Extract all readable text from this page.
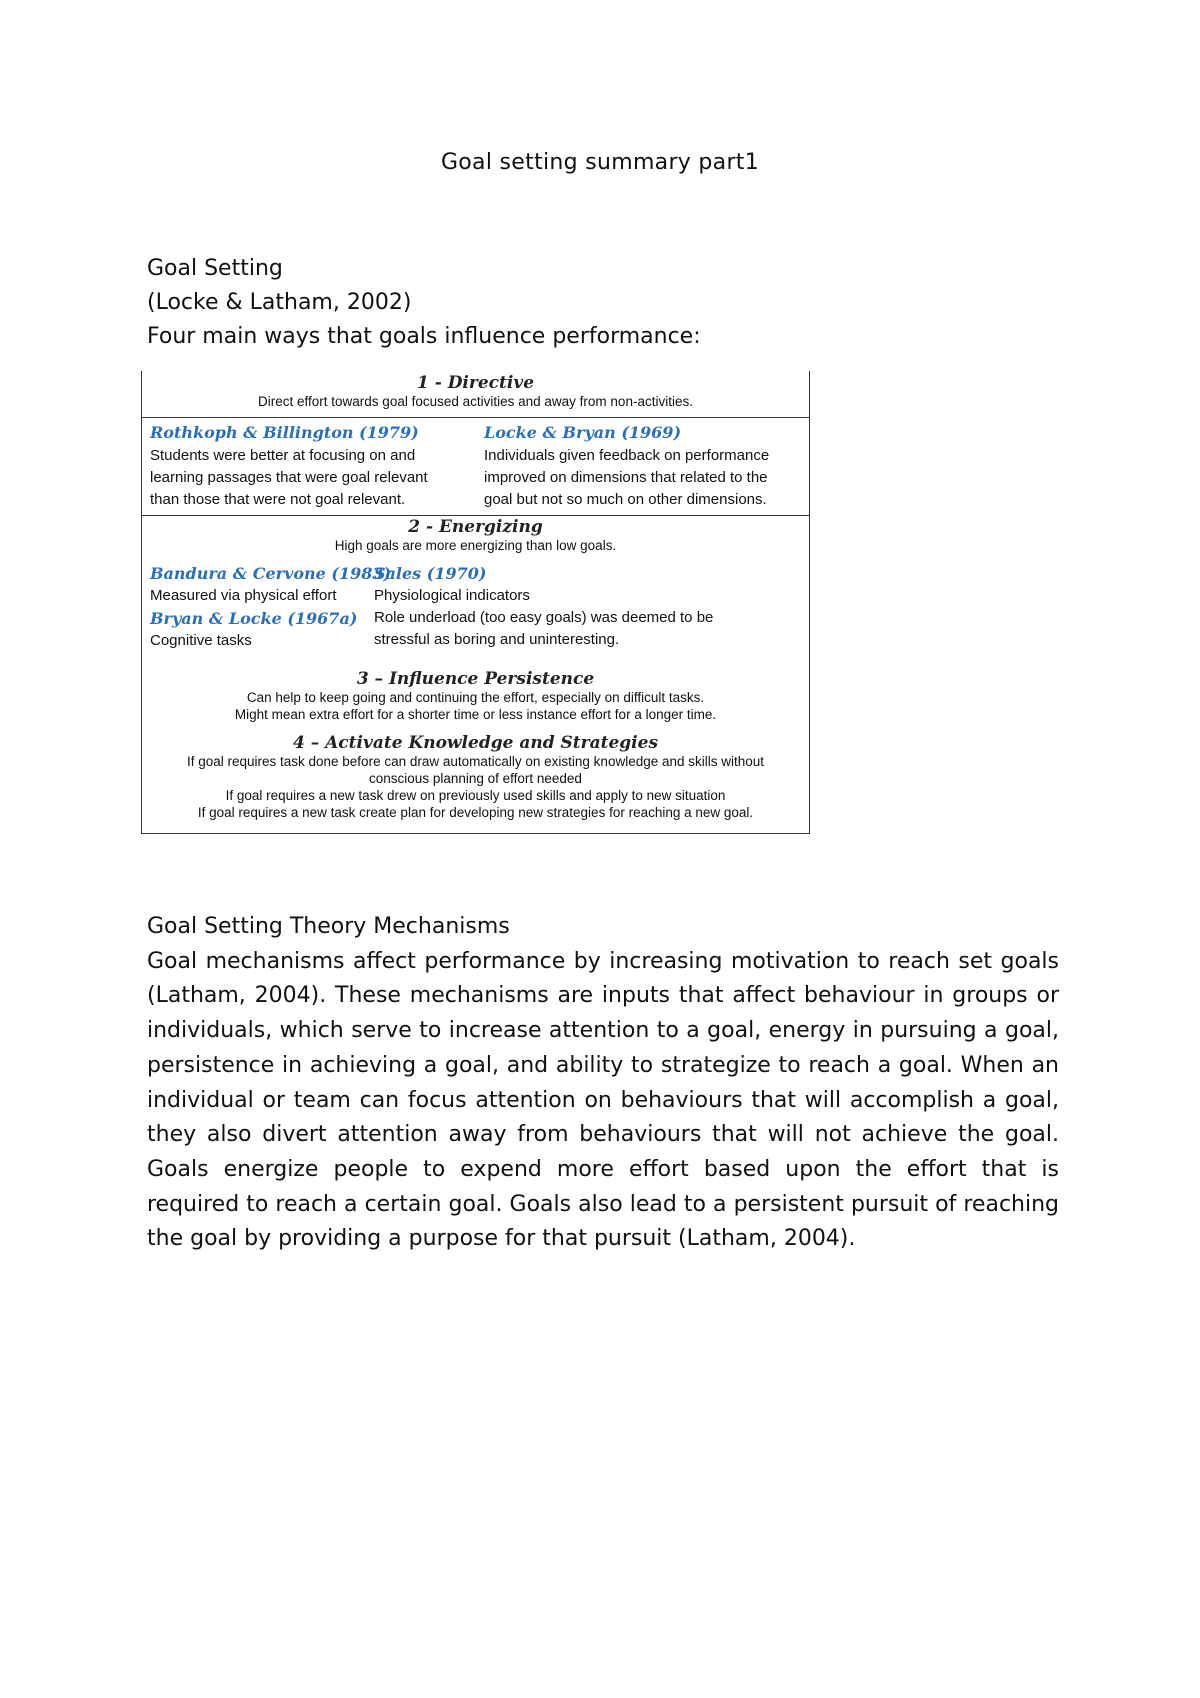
Goal setting summary part1
Goal Setting
(Locke & Latham, 2002)
Four main ways that goals influence performance:
1 - Directive
Direct effort towards goal focused activities and away from non-activities.
Rothkoph & Billington (1979)
Students were better at focusing on and
learning passages that were goal relevant
than those that were not goal relevant.
Locke & Bryan (1969)
Individuals given feedback on performance
improved on dimensions that related to the
goal but not so much on other dimensions.
2 - Energizing
High goals are more energizing than low goals.
Bandura & Cervone (1983)
Measured via physical effort
Bryan & Locke (1967a)
Cognitive tasks
Sales (1970)
Physiological indicators
Role underload (too easy goals) was deemed to be
stressful as boring and uninteresting.
3 – Influence Persistence
Can help to keep going and continuing the effort, especially on difficult tasks.
Might mean extra effort for a shorter time or less instance effort for a longer time.
4 – Activate Knowledge and Strategies
If goal requires task done before can draw automatically on existing knowledge and skills without
conscious planning of effort needed
If goal requires a new task drew on previously used skills and apply to new situation
If goal requires a new task create plan for developing new strategies for reaching a new goal.
Goal Setting Theory Mechanisms
Goal mechanisms affect performance by increasing motivation to reach set goals (Latham, 2004). These mechanisms are inputs that affect behaviour in groups or individuals, which serve to increase attention to a goal, energy in pursuing a goal, persistence in achieving a goal, and ability to strategize to reach a goal. When an individual or team can focus attention on behaviours that will accomplish a goal, they also divert attention away from behaviours that will not achieve the goal. Goals energize people to expend more effort based upon the effort that is required to reach a certain goal. Goals also lead to a persistent pursuit of reaching the goal by providing a purpose for that pursuit (Latham, 2004).
